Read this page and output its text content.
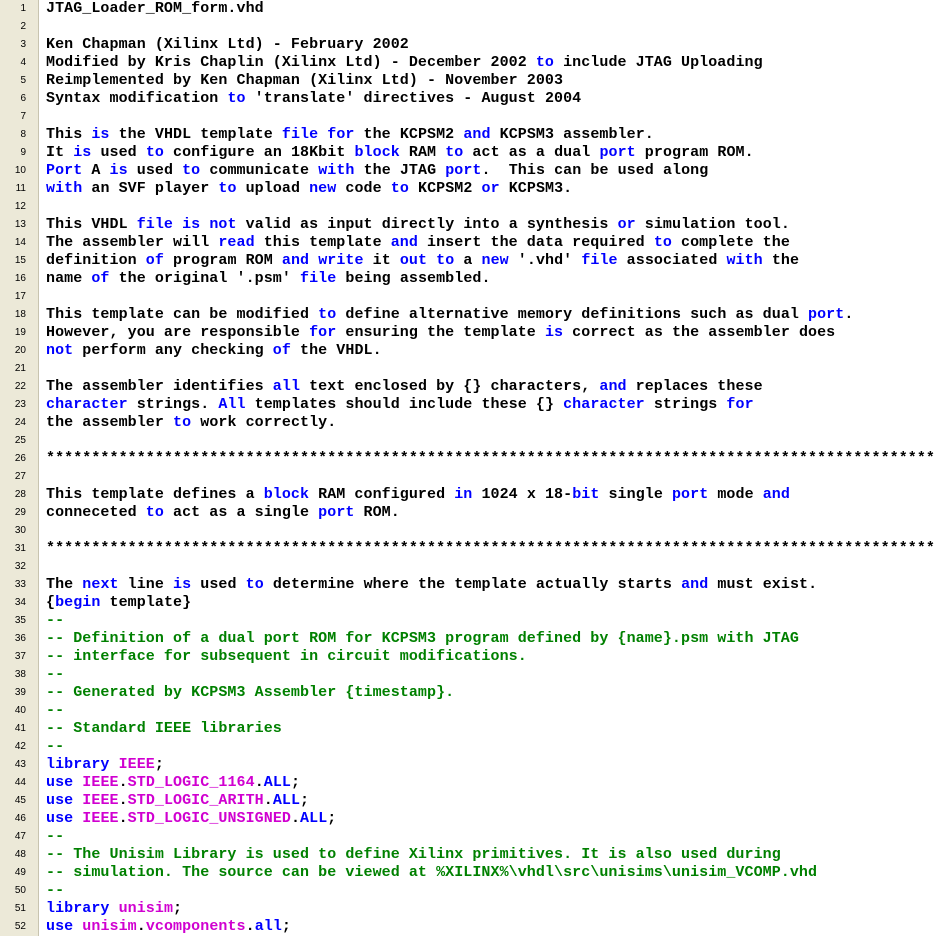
1 JTAG_Loader_ROM_form.vhd
2
3 Ken Chapman (Xilinx Ltd) - February 2002
4 Modified by Kris Chaplin (Xilinx Ltd) - December 2002 to include JTAG Uploading
5 Reimplemented by Ken Chapman (Xilinx Ltd) - November 2003
6 Syntax modification to 'translate' directives - August 2004
7
8 This is the VHDL template file for the KCPSM2 and KCPSM3 assembler.
9 It is used to configure an 18Kbit block RAM to act as a dual port program ROM.
10 Port A is used to communicate with the JTAG port.  This can be used along
11 with an SVF player to upload new code to KCPSM2 or KCPSM3.
12
13 This VHDL file is not valid as input directly into a synthesis or simulation tool.
14 The assembler will read this template and insert the data required to complete the
15 definition of program ROM and write it out to a new '.vhd' file associated with the
16 name of the original '.psm' file being assembled.
17
18 This template can be modified to define alternative memory definitions such as dual port.
19 However, you are responsible for ensuring the template is correct as the assembler does
20 not perform any checking of the VHDL.
21
22 The assembler identifies all text enclosed by {} characters, and replaces these
23 character strings. All templates should include these {} character strings for
24 the assembler to work correctly.
25
26 **************************************************************************************************
27
28 This template defines a block RAM configured in 1024 x 18-bit single port mode and
29 conneceted to act as a single port ROM.
30
31 **************************************************************************************************
32
33 The next line is used to determine where the template actually starts and must exist.
34 {begin template}
35 --
36 -- Definition of a dual port ROM for KCPSM3 program defined by {name}.psm with JTAG
37 -- interface for subsequent in circuit modifications.
38 --
39 -- Generated by KCPSM3 Assembler {timestamp}.
40 --
41 -- Standard IEEE libraries
42 --
43 library IEEE;
44 use IEEE.STD_LOGIC_1164.ALL;
45 use IEEE.STD_LOGIC_ARITH.ALL;
46 use IEEE.STD_LOGIC_UNSIGNED.ALL;
47 --
48 -- The Unisim Library is used to define Xilinx primitives. It is also used during
49 -- simulation. The source can be viewed at %XILINX%\vhdl\src\unisims\unisim_VCOMP.vhd
50 --
51 library unisim;
52 use unisim.vcomponents.all;
